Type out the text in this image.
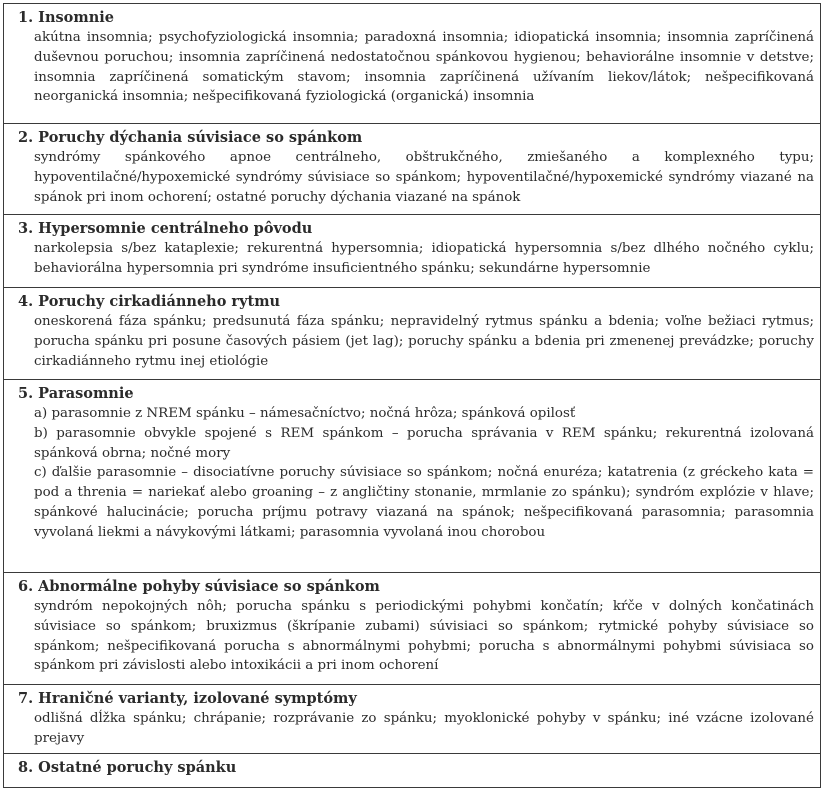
1. Insomnie

akútna insomnia; psychofyziologická insomnia; paradoxná insomnia; idiopatická insomnia; insomnia zapríčinená duševnou poruchou; insomnia zapríčinená nedostatočnou spánkovou hygienou; behaviorálne insomnie v detstve; insomnia zapríčinená somatickým stavom; insomnia zapríčinená užívaním liekov/látok; nešpecifikovaná neorganická insomnia; nešpecifikovaná fyziologická (organická) insomnia

2. Poruchy dýchania súvisiace so spánkom

syndrómy spánkového apnoe centrálneho, obštrukčného, zmiešaného a komplexného typu; hypoventilačné/hypoxemické syndrómy súvisiace so spánkom; hypoventilačné/hypoxemické syndrómy viazané na spánok pri inom ochorení; ostatné poruchy dýchania viazané na spánok

3. Hypersomnie centrálneho pôvodu

narkolepsia s/bez kataplexie; rekurentná hypersomnia; idiopatická hypersomnia s/bez dlhého nočného cyklu; behaviorálna hypersomnia pri syndróme insuficientného spánku; sekundárne hypersomnie

4. Poruchy cirkadiánneho rytmu

oneskorená fáza spánku; predsunutá fáza spánku; nepravidelný rytmus spánku a bdenia; voľne bežiaci rytmus; porucha spánku pri posune časových pásiem (jet lag); poruchy spánku a bdenia pri zmenenej prevádzke; poruchy cirkadiánneho rytmu inej etiológie

5. Parasomnie

a) parasomnie z NREM spánku – námesačníctvo; nočná hrôza; spánková opilosť

b) parasomnie obvykle spojené s REM spánkom – porucha správania v REM spánku; rekurentná izolovaná spánková obrna; nočné mory

c) ďalšie parasomnie – disociatívne poruchy súvisiace so spánkom; nočná enuréza; katatrenia (z gréckeho kata = pod a threnia = nariekať alebo groaning – z angličtiny stonanie, mrmlanie zo spánku); syndróm explózie v hlave; spánkové halucinácie; porucha príjmu potravy viazaná na spánok; nešpecifikovaná parasomnia; parasomnia vyvolaná liekmi a návykovými látkami; parasomnia vyvolaná inou chorobou

6. Abnormálne pohyby súvisiace so spánkom

syndróm nepokojných nôh; porucha spánku s periodickými pohybmi končatín; kŕče v dolných končatinách súvisiace so spánkom; bruxizmus (škrípanie zubami) súvisiaci so spánkom; rytmické pohyby súvisiace so spánkom; nešpecifikovaná porucha s abnormálnymi pohybmi; porucha s abnormálnymi pohybmi súvisiaca so spánkom pri závislosti alebo intoxikácii a pri inom ochorení

7. Hraničné varianty, izolované symptómy

odlišná dĺžka spánku; chrápanie; rozprávanie zo spánku; myoklonické pohyby v spánku; iné vzácne izolované prejavy

8. Ostatné poruchy spánku
